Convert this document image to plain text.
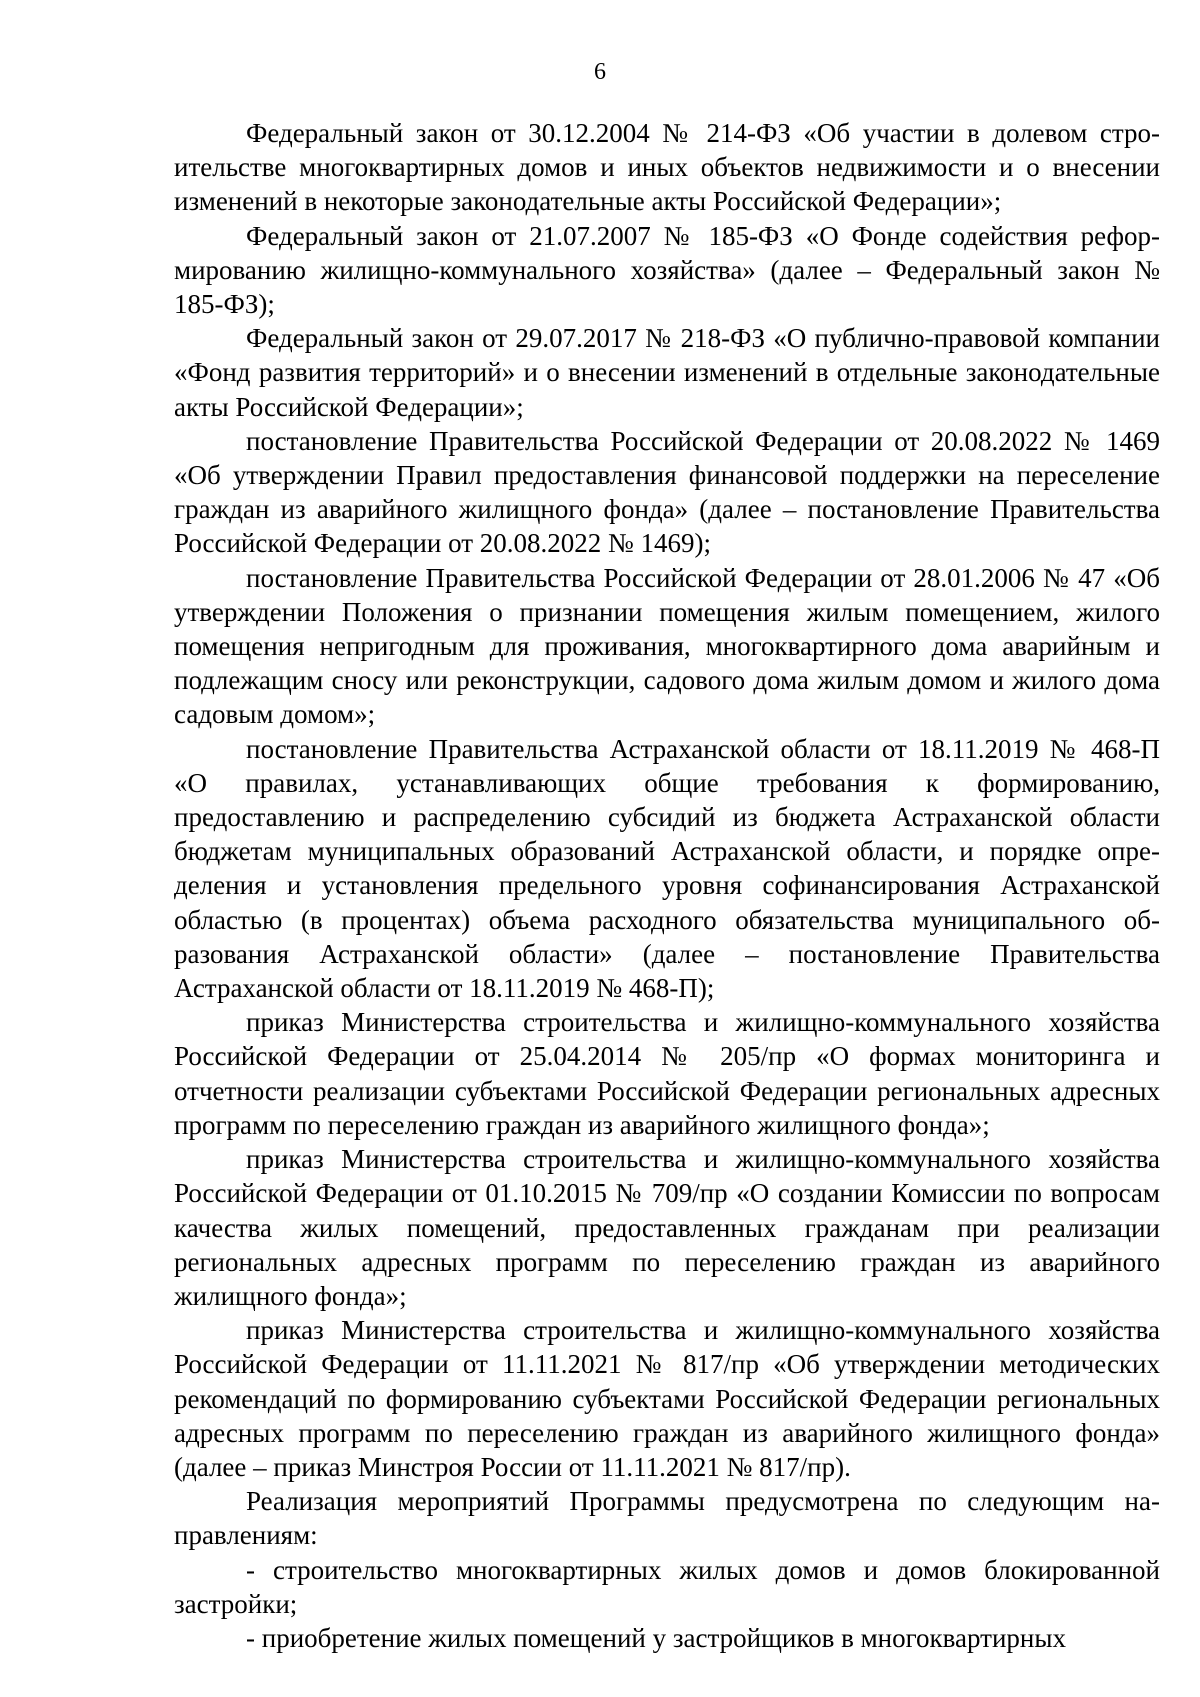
6

Федеральный закон от 30.12.2004 № 214-ФЗ «Об участии в долевом строительстве многоквартирных домов и иных объектов недвижимости и о внесении изменений в некоторые законодательные акты Российской Федерации»;

Федеральный закон от 21.07.2007 № 185-ФЗ «О Фонде содействия реформированию жилищно-коммунального хозяйства» (далее – Федеральный закон № 185-ФЗ);

Федеральный закон от 29.07.2017 № 218-ФЗ «О публично-правовой компании «Фонд развития территорий» и о внесении изменений в отдельные законодательные акты Российской Федерации»;

постановление Правительства Российской Федерации от 20.08.2022 № 1469 «Об утверждении Правил предоставления финансовой поддержки на переселение граждан из аварийного жилищного фонда» (далее – постановление Правительства Российской Федерации от 20.08.2022 № 1469);

постановление Правительства Российской Федерации от 28.01.2006 № 47 «Об утверждении Положения о признании помещения жилым помещением, жилого помещения непригодным для проживания, многоквартирного дома аварийным и подлежащим сносу или реконструкции, садового дома жилым домом и жилого дома садовым домом»;

постановление Правительства Астраханской области от 18.11.2019 № 468-П «О правилах, устанавливающих общие требования к формированию, предоставлению и распределению субсидий из бюджета Астраханской области бюджетам муниципальных образований Астраханской области, и порядке определения и установления предельного уровня софинансирования Астраханской областью (в процентах) объема расходного обязательства муниципального образования Астраханской области» (далее – постановление Правительства Астраханской области от 18.11.2019 № 468-П);

приказ Министерства строительства и жилищно-коммунального хозяйства Российской Федерации от 25.04.2014 № 205/пр «О формах мониторинга и отчетности реализации субъектами Российской Федерации региональных адресных программ по переселению граждан из аварийного жилищного фонда»;

приказ Министерства строительства и жилищно-коммунального хозяйства Российской Федерации от 01.10.2015 № 709/пр «О создании Комиссии по вопросам качества жилых помещений, предоставленных гражданам при реализации региональных адресных программ по переселению граждан из аварийного жилищного фонда»;

приказ Министерства строительства и жилищно-коммунального хозяйства Российской Федерации от 11.11.2021 № 817/пр «Об утверждении методических рекомендаций по формированию субъектами Российской Федерации региональных адресных программ по переселению граждан из аварийного жилищного фонда» (далее – приказ Минстроя России от 11.11.2021 № 817/пр).

Реализация мероприятий Программы предусмотрена по следующим направлениям:

- строительство многоквартирных жилых домов и домов блокированной застройки;

- приобретение жилых помещений у застройщиков в многоквартирных
